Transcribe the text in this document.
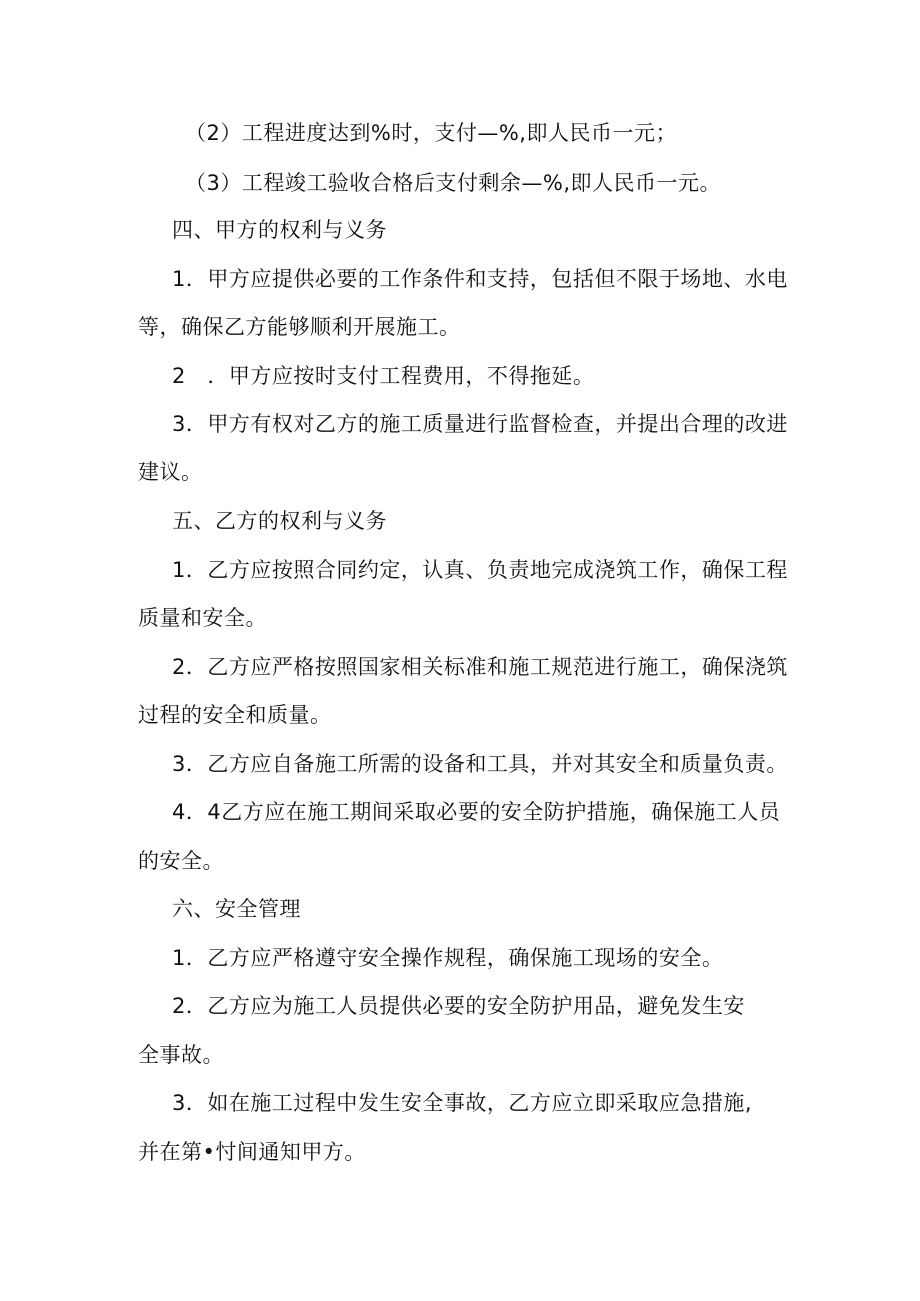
（2）工程进度达到%时，支付—%,即人民币一元；
（3）工程竣工验收合格后支付剩余—%,即人民币一元。
四、甲方的权利与义务
1．甲方应提供必要的工作条件和支持，包括但不限于场地、水电
等，确保乙方能够顺利开展施工。
2　．甲方应按时支付工程费用，不得拖延。
3．甲方有权对乙方的施工质量进行监督检查，并提出合理的改进
建议。
五、乙方的权利与义务
1．乙方应按照合同约定，认真、负责地完成浇筑工作，确保工程
质量和安全。
2．乙方应严格按照国家相关标准和施工规范进行施工，确保浇筑
过程的安全和质量。
3．乙方应自备施工所需的设备和工具，并对其安全和质量负责。
4．4乙方应在施工期间采取必要的安全防护措施，确保施工人员
的安全。
六、安全管理
1．乙方应严格遵守安全操作规程，确保施工现场的安全。
2．乙方应为施工人员提供必要的安全防护用品，避免发生安
全事故。
3．如在施工过程中发生安全事故，乙方应立即采取应急措施,
并在第•忖间通知甲方。
